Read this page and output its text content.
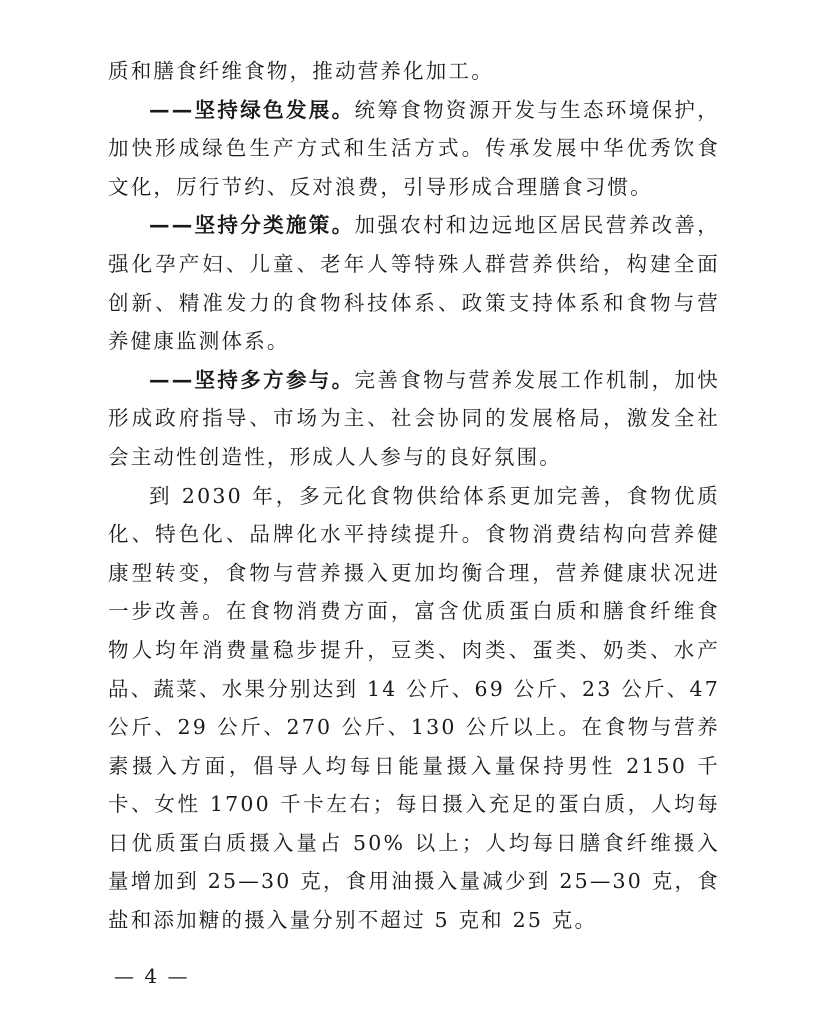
质和膳食纤维食物，推动营养化加工。

——坚持绿色发展。统筹食物资源开发与生态环境保护，加快形成绿色生产方式和生活方式。传承发展中华优秀饮食文化，厉行节约、反对浪费，引导形成合理膳食习惯。

——坚持分类施策。加强农村和边远地区居民营养改善，强化孕产妇、儿童、老年人等特殊人群营养供给，构建全面创新、精准发力的食物科技体系、政策支持体系和食物与营养健康监测体系。

——坚持多方参与。完善食物与营养发展工作机制，加快形成政府指导、市场为主、社会协同的发展格局，激发全社会主动性创造性，形成人人参与的良好氛围。

到 2030 年，多元化食物供给体系更加完善，食物优质化、特色化、品牌化水平持续提升。食物消费结构向营养健康型转变，食物与营养摄入更加均衡合理，营养健康状况进一步改善。在食物消费方面，富含优质蛋白质和膳食纤维食物人均年消费量稳步提升，豆类、肉类、蛋类、奶类、水产品、蔬菜、水果分别达到 14 公斤、69 公斤、23 公斤、47 公斤、29 公斤、270 公斤、130 公斤以上。在食物与营养素摄入方面，倡导人均每日能量摄入量保持男性 2150 千卡、女性 1700 千卡左右；每日摄入充足的蛋白质，人均每日优质蛋白质摄入量占 50% 以上；人均每日膳食纤维摄入量增加到 25—30 克，食用油摄入量减少到 25—30 克，食盐和添加糖的摄入量分别不超过 5 克和 25 克。

— 4 —
